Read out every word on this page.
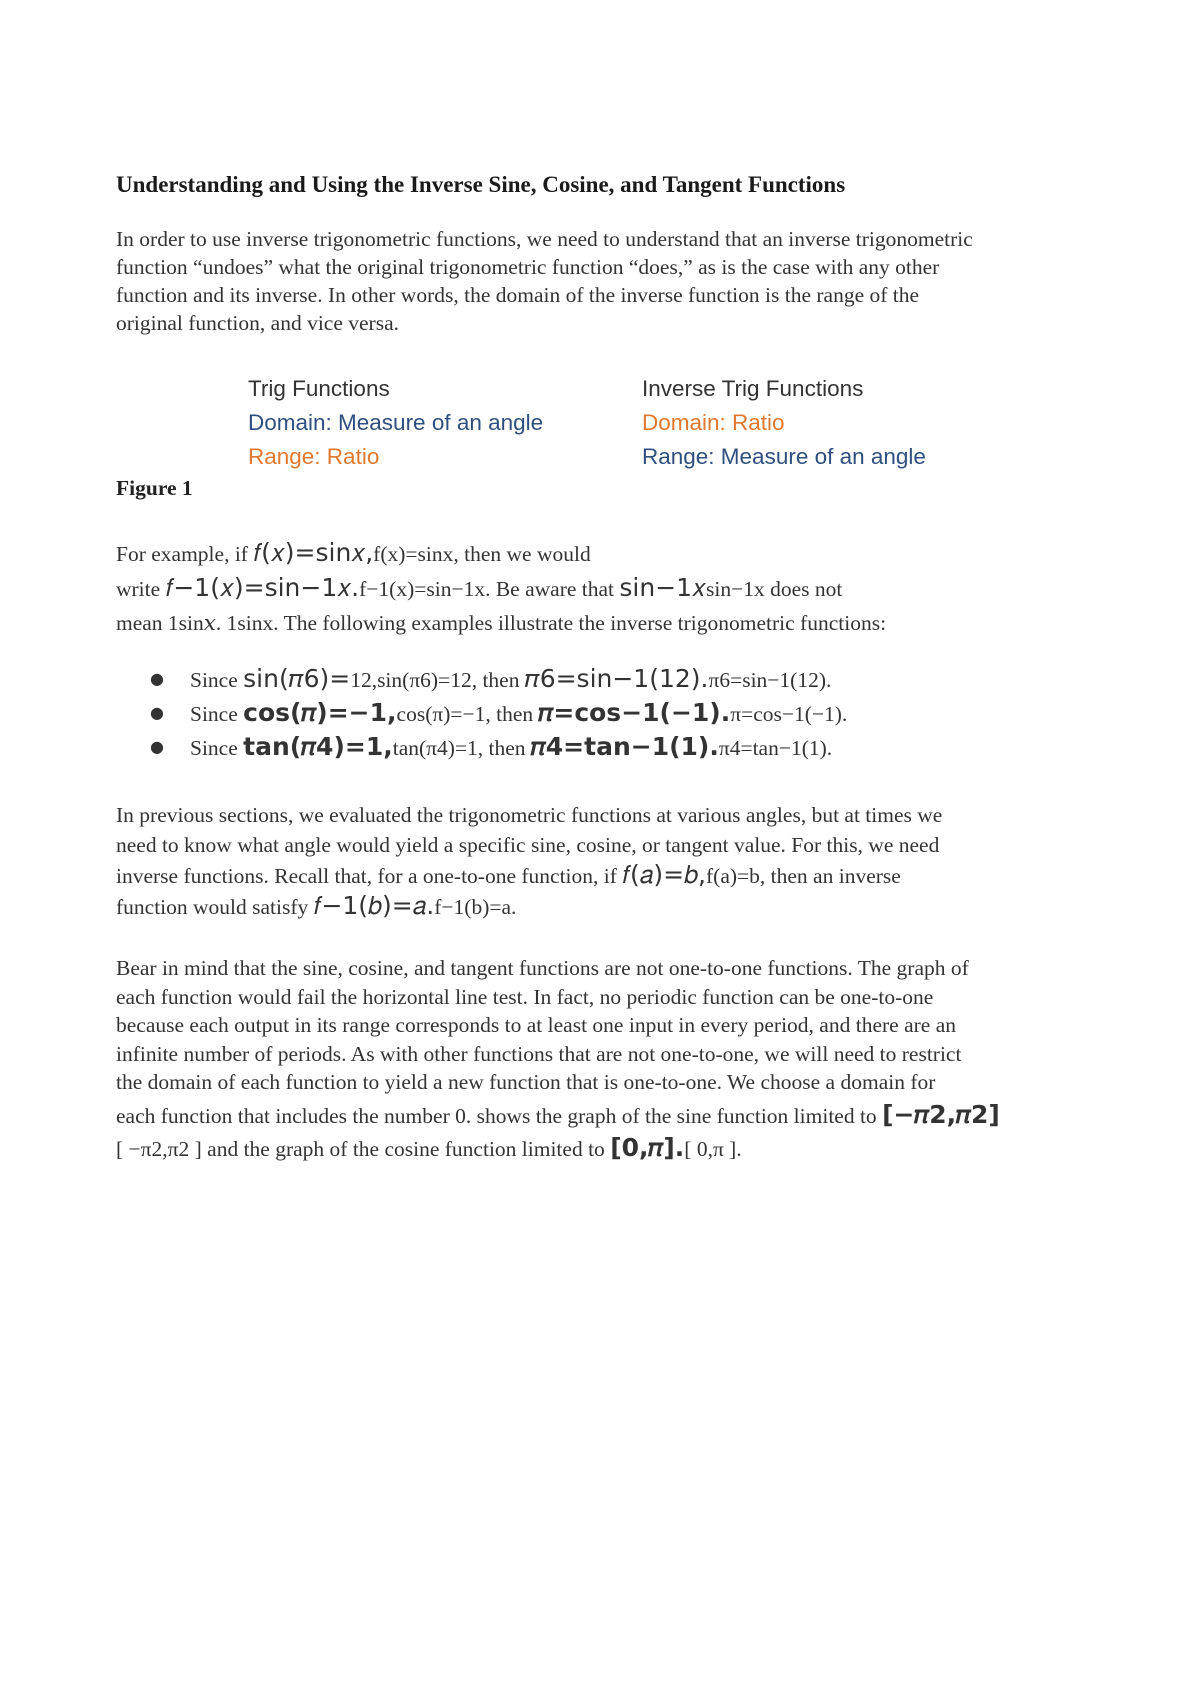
Understanding and Using the Inverse Sine, Cosine, and Tangent Functions
In order to use inverse trigonometric functions, we need to understand that an inverse trigonometric
function “undoes” what the original trigonometric function “does,” as is the case with any other
function and its inverse. In other words, the domain of the inverse function is the range of the
original function, and vice versa.
Trig Functions
Domain: Measure of an angle
Range: Ratio
Inverse Trig Functions
Domain: Ratio
Range: Measure of an angle
Figure 1
For example, if 𝑓(𝑥)=sin𝑥,f(x)=sinx, then we would
write 𝑓−1(𝑥)=sin−1𝑥.f−1(x)=sin−1x. Be aware that sin−1𝑥sin−1x does not
mean 1sin𝑥. 1sinx. The following examples illustrate the inverse trigonometric functions:
● Since sin(𝜋6)=12,sin(π6)=12, then 𝜋6=sin−1(12).π6=sin−1(12).
● Since cos(𝜋)=−1,cos(π)=−1, then 𝜋=cos−1(−1).π=cos−1(−1).
● Since tan(𝜋4)=1,tan(π4)=1, then 𝜋4=tan−1(1).π4=tan−1(1).
In previous sections, we evaluated the trigonometric functions at various angles, but at times we
need to know what angle would yield a specific sine, cosine, or tangent value. For this, we need
inverse functions. Recall that, for a one-to-one function, if 𝑓(𝑎)=𝑏,f(a)=b, then an inverse
function would satisfy 𝑓−1(𝑏)=𝑎.f−1(b)=a.
Bear in mind that the sine, cosine, and tangent functions are not one-to-one functions. The graph of
each function would fail the horizontal line test. In fact, no periodic function can be one-to-one
because each output in its range corresponds to at least one input in every period, and there are an
infinite number of periods. As with other functions that are not one-to-one, we will need to restrict
the domain of each function to yield a new function that is one-to-one. We choose a domain for
each function that includes the number 0. shows the graph of the sine function limited to [−𝜋2,𝜋2]
[ −π2,π2 ] and the graph of the cosine function limited to [0,𝜋].[ 0,π ].
